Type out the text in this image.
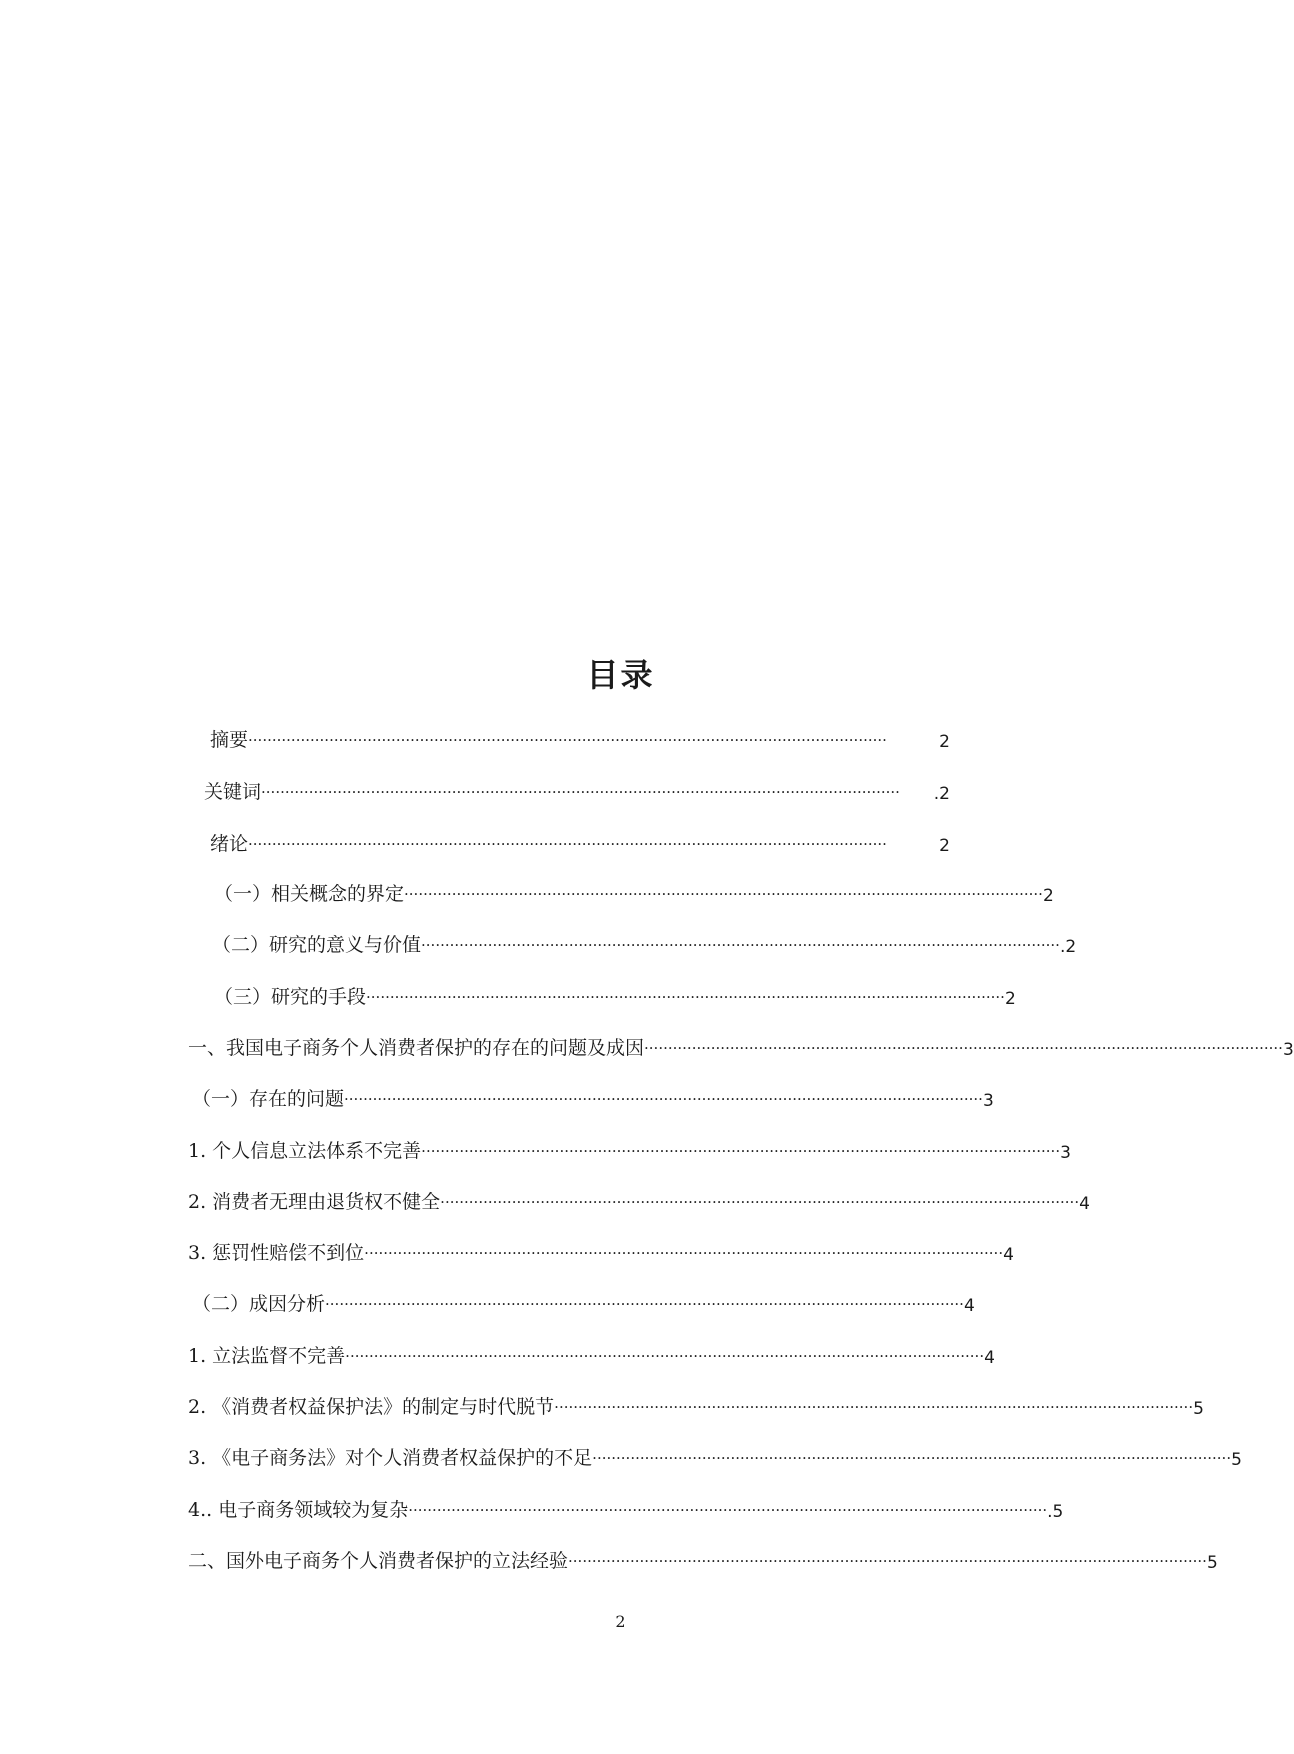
目录
摘要 ······································································································································	2
关键词 ······································································································································	.2
绪论 ······································································································································	2
（一）相关概念的界定 ······································································································································ 2
（二）研究的意义与价值 ······································································································································ .2
（三）研究的手段 ······································································································································ 2
一、我国电子商务个人消费者保护的存在的问题及成因 ······································································································································ 3
（一）存在的问题 ······································································································································ 3
1. 个人信息立法体系不完善 ······································································································································ 3
2. 消费者无理由退货权不健全 ······································································································································ 4
3. 惩罚性赔偿不到位 ······································································································································ 4
（二）成因分析 ······································································································································ 4
1. 立法监督不完善 ······································································································································ 4
2. 《消费者权益保护法》的制定与时代脱节 ······································································································································ 5
3. 《电子商务法》对个人消费者权益保护的不足 ······································································································································ 5
4.. 电子商务领域较为复杂 ······································································································································ .5
二、国外电子商务个人消费者保护的立法经验 ······································································································································ 5
2
